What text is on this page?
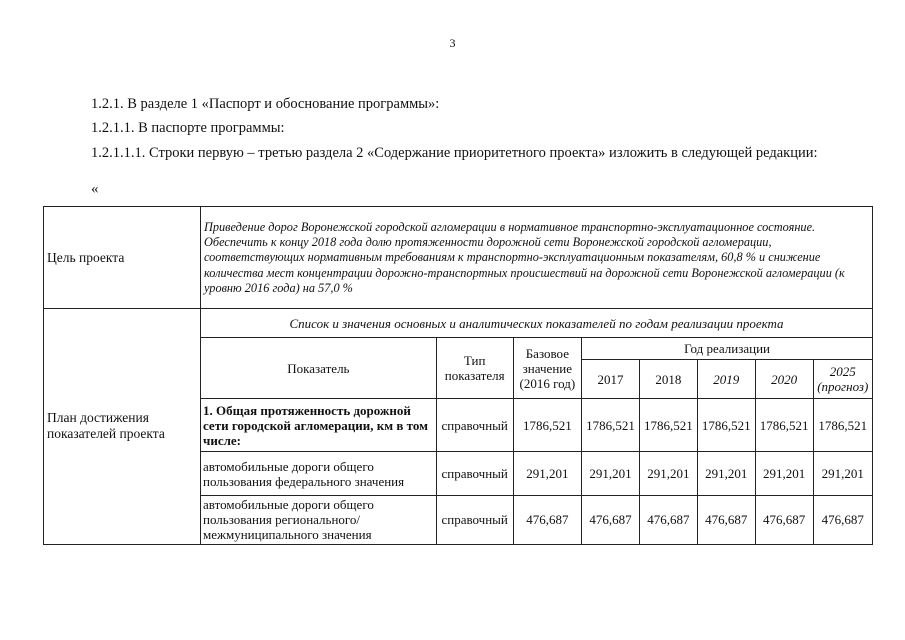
3
1.2.1. В разделе 1 «Паспорт и обоснование программы»:
1.2.1.1. В паспорте программы:
1.2.1.1.1. Строки первую – третью раздела 2 «Содержание приоритетного проекта» изложить в следующей редакции:
«
Цель проекта	
Приведение дорог Воронежской городской агломерации в нормативное транспортно-эксплуатационное состояние.
Обеспечить к концу 2018 года долю протяженности дорожной сети Воронежской городской агломерации, соответствующих нормативным требованиям к транспортно-эксплуатационным показателям, 60,8 % и снижение количества мест концентрации дорожно-транспортных происшествий на дорожной сети Воронежской агломерации (к уровню 2016 года) на 57,0 %

План достижения показателей проекта	
Список и значения основных и аналитических показателей по годам реализации проекта
Показатель	Тип показателя	Базовое значение (2016 год)	Год реализации
2017	2018	2019	2020	2025 (прогноз)
1. Общая протяженность дорожной сети городской агломерации, км в том числе:	справочный	1786,521	1786,521	1786,521	1786,521	1786,521	1786,521
автомобильные дороги общего пользования федерального значения	справочный	291,201	291,201	291,201	291,201	291,201	291,201
автомобильные дороги общего пользования регионального/ межмуниципального значения	справочный	476,687	476,687	476,687	476,687	476,687	476,687
